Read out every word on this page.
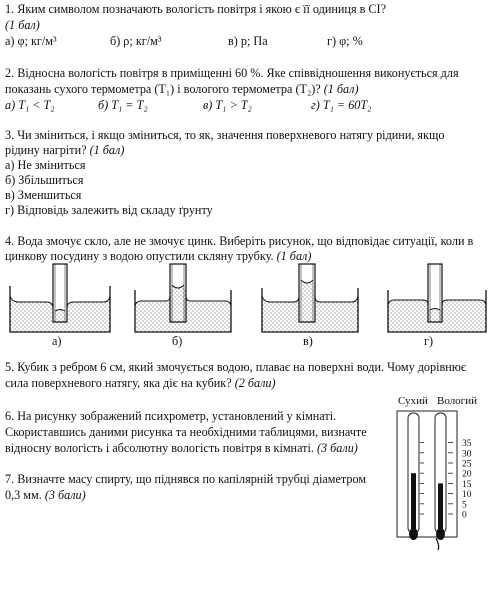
1. Яким символом позначають вологість повітря і якою є її одиниця в СІ?
(1 бал)
а) φ; кг/м³	б) ρ; кг/м³	в) p; Па	г) φ; %
2. Відносна вологість повітря в приміщенні 60 %. Яке співвідношення виконується для
показань сухого термометра (T₁) і вологого термометра (T₂)? (1 бал)
а) T₁ < T₂	б) T₁ = T₂	в) T₁ > T₂	г) T₁ = 60T₂
3. Чи зміниться, і якщо зміниться, то як, значення поверхневого натягу рідини, якщо
рідину нагріти? (1 бал)
а) Не зміниться
б) Збільшиться
в) Зменшиться
г) Відповідь залежить від складу ґрунту
4. Вода змочує скло, але не змочує цинк. Виберіть рисунок, що відповідає ситуації, коли в
цинкову посудину з водою опустили скляну трубку. (1 бал)
а)	б)	в)	г)
5. Кубик з ребром 6 см, який змочується водою, плаває на поверхні води. Чому дорівнює
сила поверхневого натягу, яка діє на кубик? (2 бали)
6. На рисунку зображений психрометр, установлений у кімнаті.
Скориставшись даними рисунка та необхідними таблицями, визначте
відносну вологість і абсолютну вологість повітря в кімнаті. (3 бали)
7. Визначте масу спирту, що піднявся по капілярній трубці діаметром
0,3 мм. (3 бали)
Сухий Вологий
35
30
25
20
15
10
5
0
